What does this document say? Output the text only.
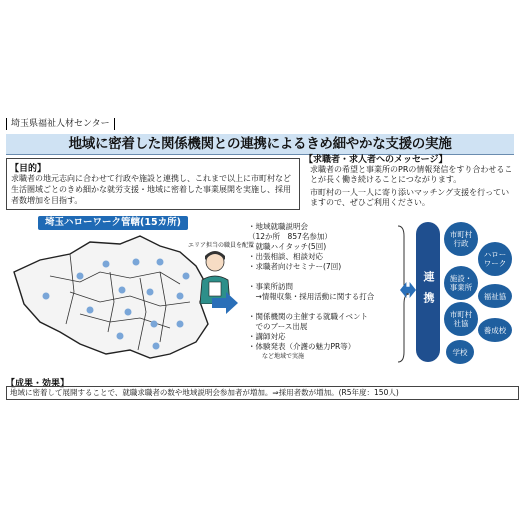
埼玉県福祉人材センター
地域に密着した関係機関との連携によるきめ細やかな支援の実施
【目的】
求職者の地元志向に合わせて行政や施設と連携し、これまで以上に市町村など生活圏域ごとのきめ細かな就労支援・地域に密着した事業展開を実施し、採用者数増加を目指す。
【求職者・求人者へのメッセージ】

求職者の希望と事業所のPRの情報発信をすり合わせることが長く働き続けることにつながります。

市町村の一人一人に寄り添いマッチング支援を行っていますので、ぜひご利用ください。

埼玉ハローワーク管轄(15カ所)
エリア担当の職員を配置
・地域就職説明会
（12か所　857名参加）
・就職ハイタッチ(5回)
・出張相談、相談対応
・求職者向けセミナー(7回)

・事業所訪問
　→情報収集・採用活動に関する打合

・関係機関の主催する就職イベント
　でのブース出展
・講師対応
・体験発表（介護の魅力PR等）
など地域で実施
連携
市町村
行政
ハロー
ワーク
施設・
事業所
福祉協
市町村
社協
養成校
学校
【成果・効果】
地域に密着して展開することで、就職求職者の数や地域説明会参加者が増加。⇒採用者数が増加。(R5年度：150人)
